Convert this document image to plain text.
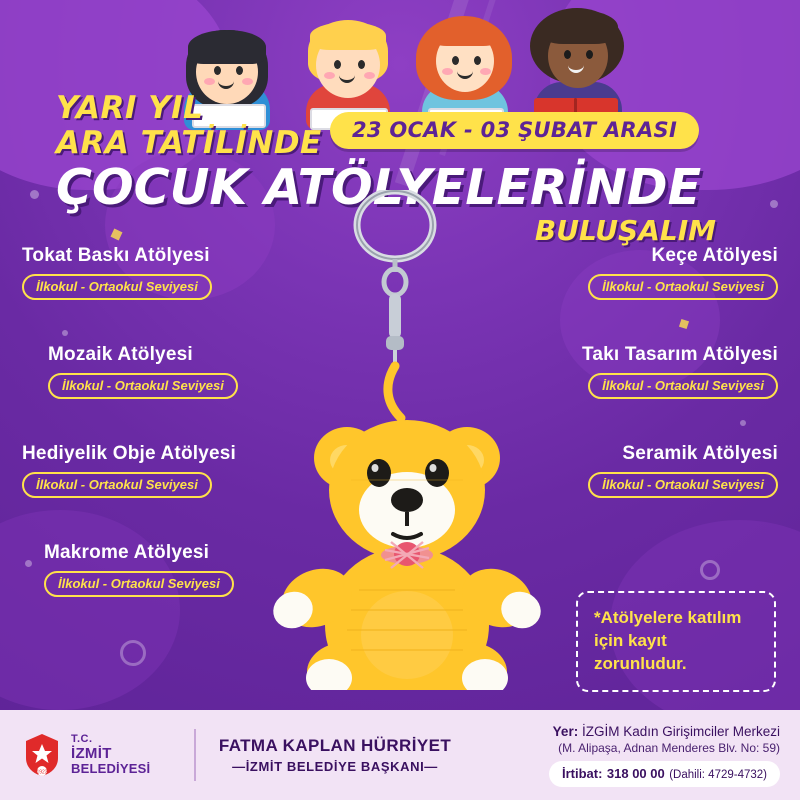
YARI YIL
ARA TATİLİNDE
ÇOCUK ATÖLYELERİNDE
BULUŞALIM
23 OCAK - 03 ŞUBAT ARASI
Tokat Baskı Atölyesi
İlkokul - Ortaokul Seviyesi
Mozaik Atölyesi
İlkokul - Ortaokul Seviyesi
Hediyelik Obje Atölyesi
İlkokul - Ortaokul Seviyesi
Makrome Atölyesi
İlkokul - Ortaokul Seviyesi
Keçe Atölyesi
İlkokul - Ortaokul Seviyesi
Takı Tasarım Atölyesi
İlkokul - Ortaokul Seviyesi
Seramik Atölyesi
İlkokul - Ortaokul Seviyesi
*Atölyelere katılım için kayıt zorunludur.
1923
T.C.
İZMİT
BELEDİYESİ
FATMA KAPLAN HÜRRİYET
—İZMİT BELEDİYE BAŞKANI—
Yer: İZGİM Kadın Girişimciler Merkezi
(M. Alipaşa, Adnan Menderes Blv. No: 59)
İrtibat: 318 00 00 (Dahili: 4729-4732)
